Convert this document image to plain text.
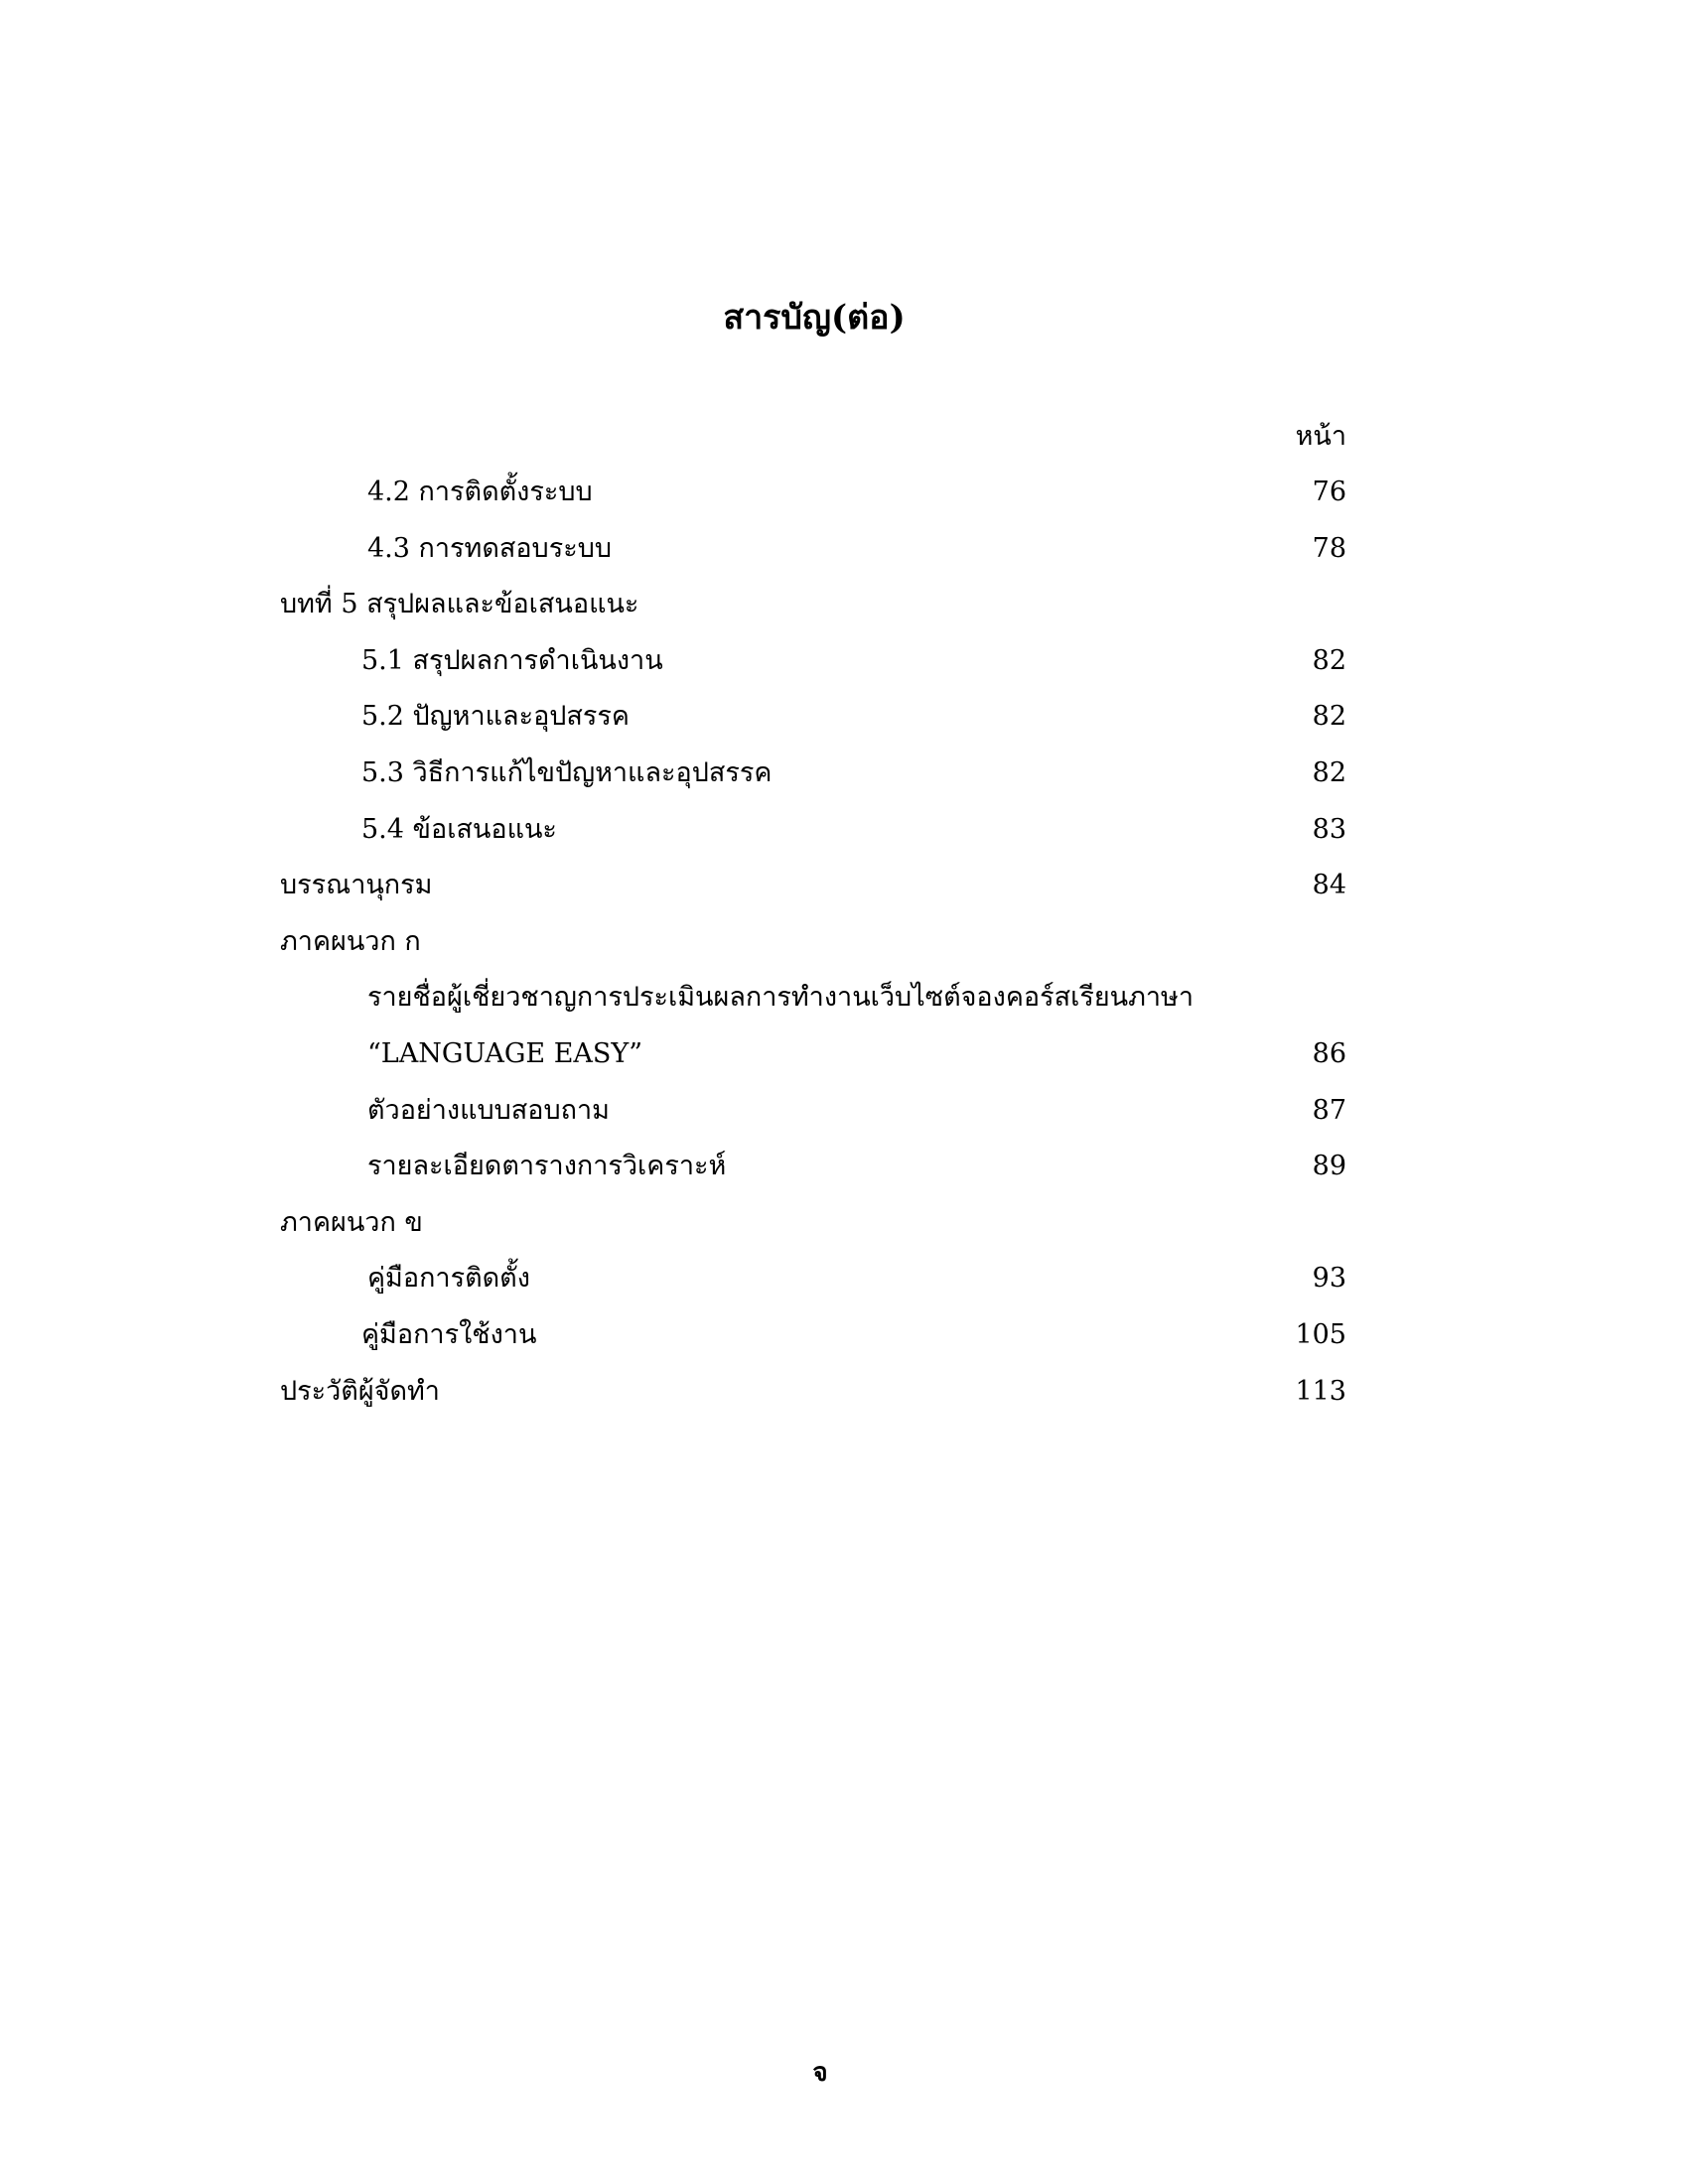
สารบัญ(ต่อ)
หน้า
4.2 การติดตั้งระบบ	76
4.3 การทดสอบระบบ	78
บทที่ 5 สรุปผลและข้อเสนอแนะ
5.1 สรุปผลการดำเนินงาน	82
5.2 ปัญหาและอุปสรรค	82
5.3 วิธีการแก้ไขปัญหาและอุปสรรค	82
5.4 ข้อเสนอแนะ	83
บรรณานุกรม	84
ภาคผนวก ก
รายชื่อผู้เชี่ยวชาญการประเมินผลการทำงานเว็บไซต์จองคอร์สเรียนภาษา
“LANGUAGE EASY”	86
ตัวอย่างแบบสอบถาม	87
รายละเอียดตารางการวิเคราะห์	89
ภาคผนวก ข
คู่มือการติดตั้ง	93
คู่มือการใช้งาน	105
ประวัติผู้จัดทำ	113
จ
